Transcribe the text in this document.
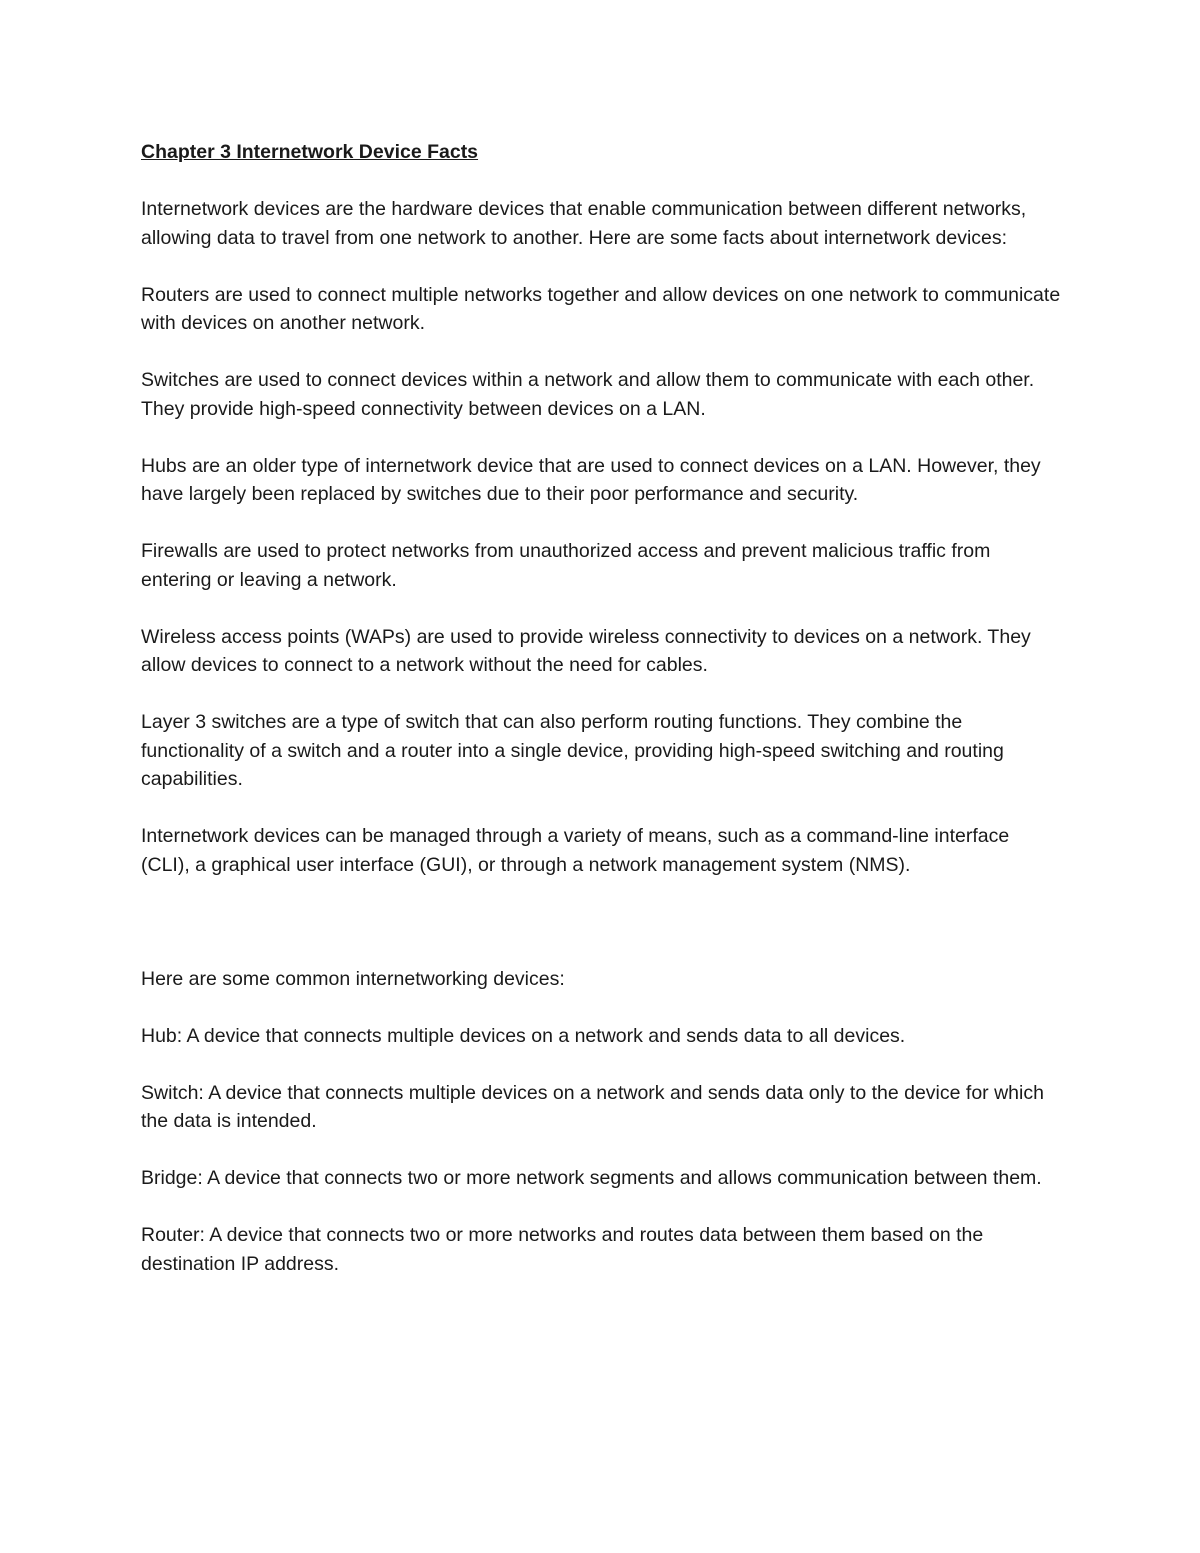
Chapter 3 Internetwork Device Facts

Internetwork devices are the hardware devices that enable communication between different networks, allowing data to travel from one network to another. Here are some facts about internetwork devices:

Routers are used to connect multiple networks together and allow devices on one network to communicate with devices on another network.

Switches are used to connect devices within a network and allow them to communicate with each other. They provide high-speed connectivity between devices on a LAN.

Hubs are an older type of internetwork device that are used to connect devices on a LAN. However, they have largely been replaced by switches due to their poor performance and security.

Firewalls are used to protect networks from unauthorized access and prevent malicious traffic from entering or leaving a network.

Wireless access points (WAPs) are used to provide wireless connectivity to devices on a network. They allow devices to connect to a network without the need for cables.

Layer 3 switches are a type of switch that can also perform routing functions. They combine the functionality of a switch and a router into a single device, providing high-speed switching and routing capabilities.

Internetwork devices can be managed through a variety of means, such as a command-line interface (CLI), a graphical user interface (GUI), or through a network management system (NMS).

Here are some common internetworking devices:

Hub: A device that connects multiple devices on a network and sends data to all devices.

Switch: A device that connects multiple devices on a network and sends data only to the device for which the data is intended.

Bridge: A device that connects two or more network segments and allows communication between them.

Router: A device that connects two or more networks and routes data between them based on the destination IP address.
